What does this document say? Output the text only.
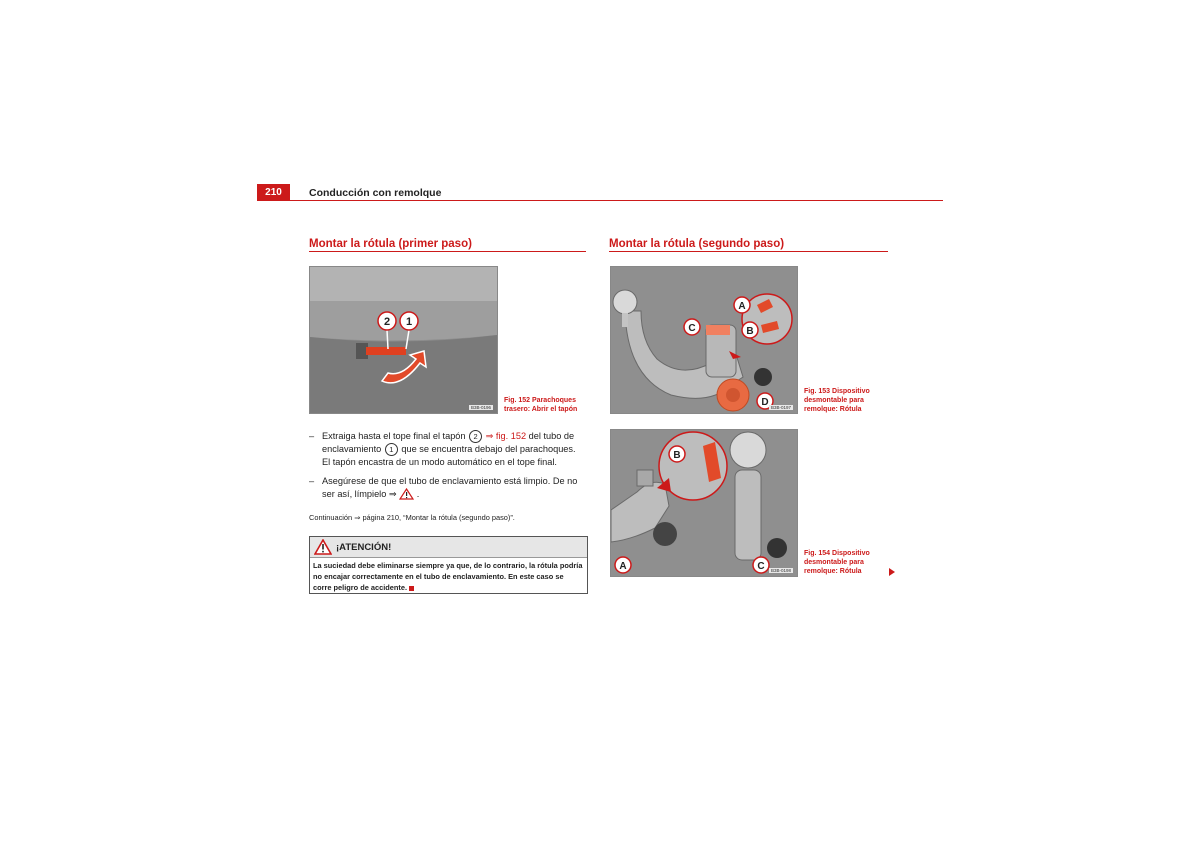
210	Conducción con remolque
Montar la rótula (primer paso)
2 1
B3B-0196
Fig. 152 Parachoques trasero: Abrir el tapón
– Extraiga hasta el tope final el tapón 2 ⇒ fig. 152 del tubo de enclavamiento 1 que se encuentra debajo del parachoques. El tapón encastra de un modo automático en el tope final.
– Asegúrese de que el tubo de enclavamiento está limpio. De no ser así, límpielo ⇒ .
Continuación ⇒ página 210, “Montar la rótula (segundo paso)”.
¡ATENCIÓN!
La suciedad debe eliminarse siempre ya que, de lo contrario, la rótula podría no encajar correctamente en el tubo de enclavamiento. En este caso se corre peligro de accidente.
Montar la rótula (segundo paso)
A
B
C
D B3B-0197
Fig. 153 Dispositivo desmontable para remolque: Rótula
B
A	C	B3B-0198
Fig. 154 Dispositivo desmontable para remolque: Rótula
